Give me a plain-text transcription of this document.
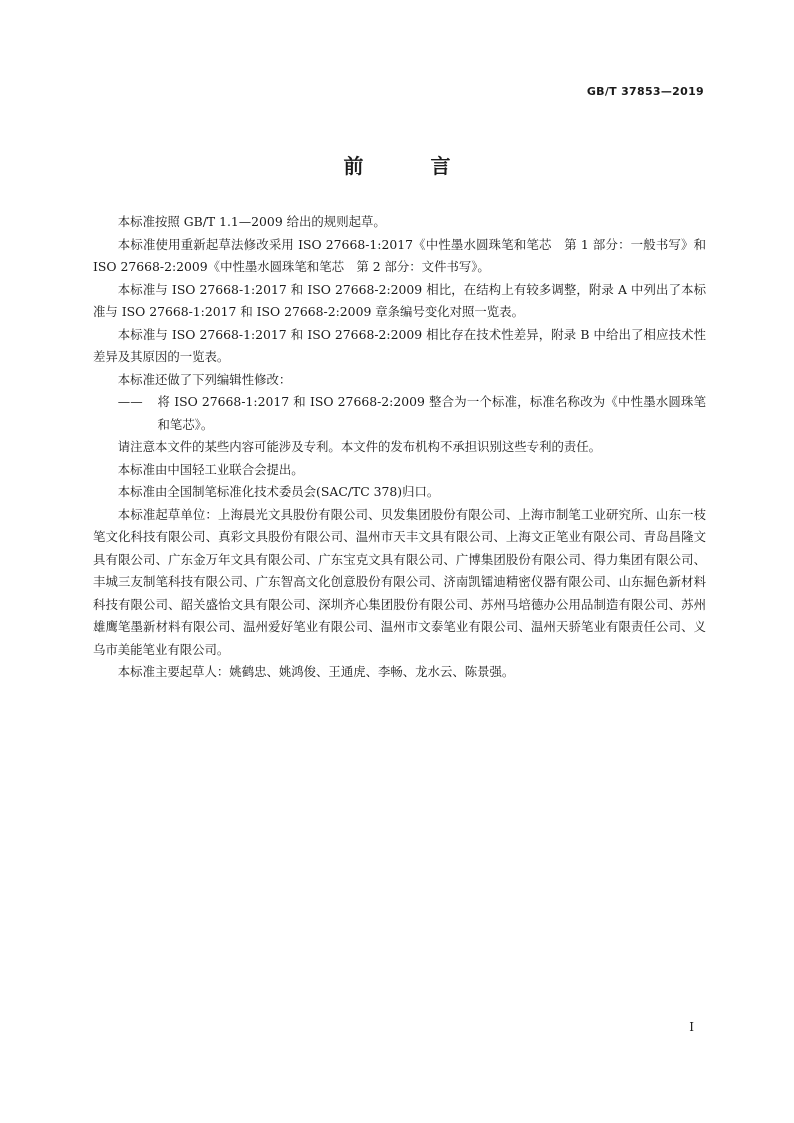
GB/T 37853—2019
前 言

本标准按照 GB/T 1.1—2009 给出的规则起草。

本标准使用重新起草法修改采用 ISO 27668-1:2017《中性墨水圆珠笔和笔芯　第 1 部分：一般书写》和 ISO 27668-2:2009《中性墨水圆珠笔和笔芯　第 2 部分：文件书写》。

本标准与 ISO 27668-1:2017 和 ISO 27668-2:2009 相比，在结构上有较多调整，附录 A 中列出了本标准与 ISO 27668-1:2017 和 ISO 27668-2:2009 章条编号变化对照一览表。

本标准与 ISO 27668-1:2017 和 ISO 27668-2:2009 相比存在技术性差异，附录 B 中给出了相应技术性差异及其原因的一览表。

本标准还做了下列编辑性修改：

—— 将 ISO 27668-1:2017 和 ISO 27668-2:2009 整合为一个标准，标准名称改为《中性墨水圆珠笔和笔芯》。

请注意本文件的某些内容可能涉及专利。本文件的发布机构不承担识别这些专利的责任。

本标准由中国轻工业联合会提出。

本标准由全国制笔标准化技术委员会(SAC/TC 378)归口。

本标准起草单位：上海晨光文具股份有限公司、贝发集团股份有限公司、上海市制笔工业研究所、山东一枝笔文化科技有限公司、真彩文具股份有限公司、温州市天丰文具有限公司、上海文正笔业有限公司、青岛昌隆文具有限公司、广东金万年文具有限公司、广东宝克文具有限公司、广博集团股份有限公司、得力集团有限公司、丰城三友制笔科技有限公司、广东智高文化创意股份有限公司、济南凯镭迪精密仪器有限公司、山东掘色新材料科技有限公司、韶关盛怡文具有限公司、深圳齐心集团股份有限公司、苏州马培德办公用品制造有限公司、苏州雄鹰笔墨新材料有限公司、温州爱好笔业有限公司、温州市文泰笔业有限公司、温州天骄笔业有限责任公司、义乌市美能笔业有限公司。

本标准主要起草人：姚鹤忠、姚鸿俊、王通虎、李畅、龙水云、陈景强。

I
